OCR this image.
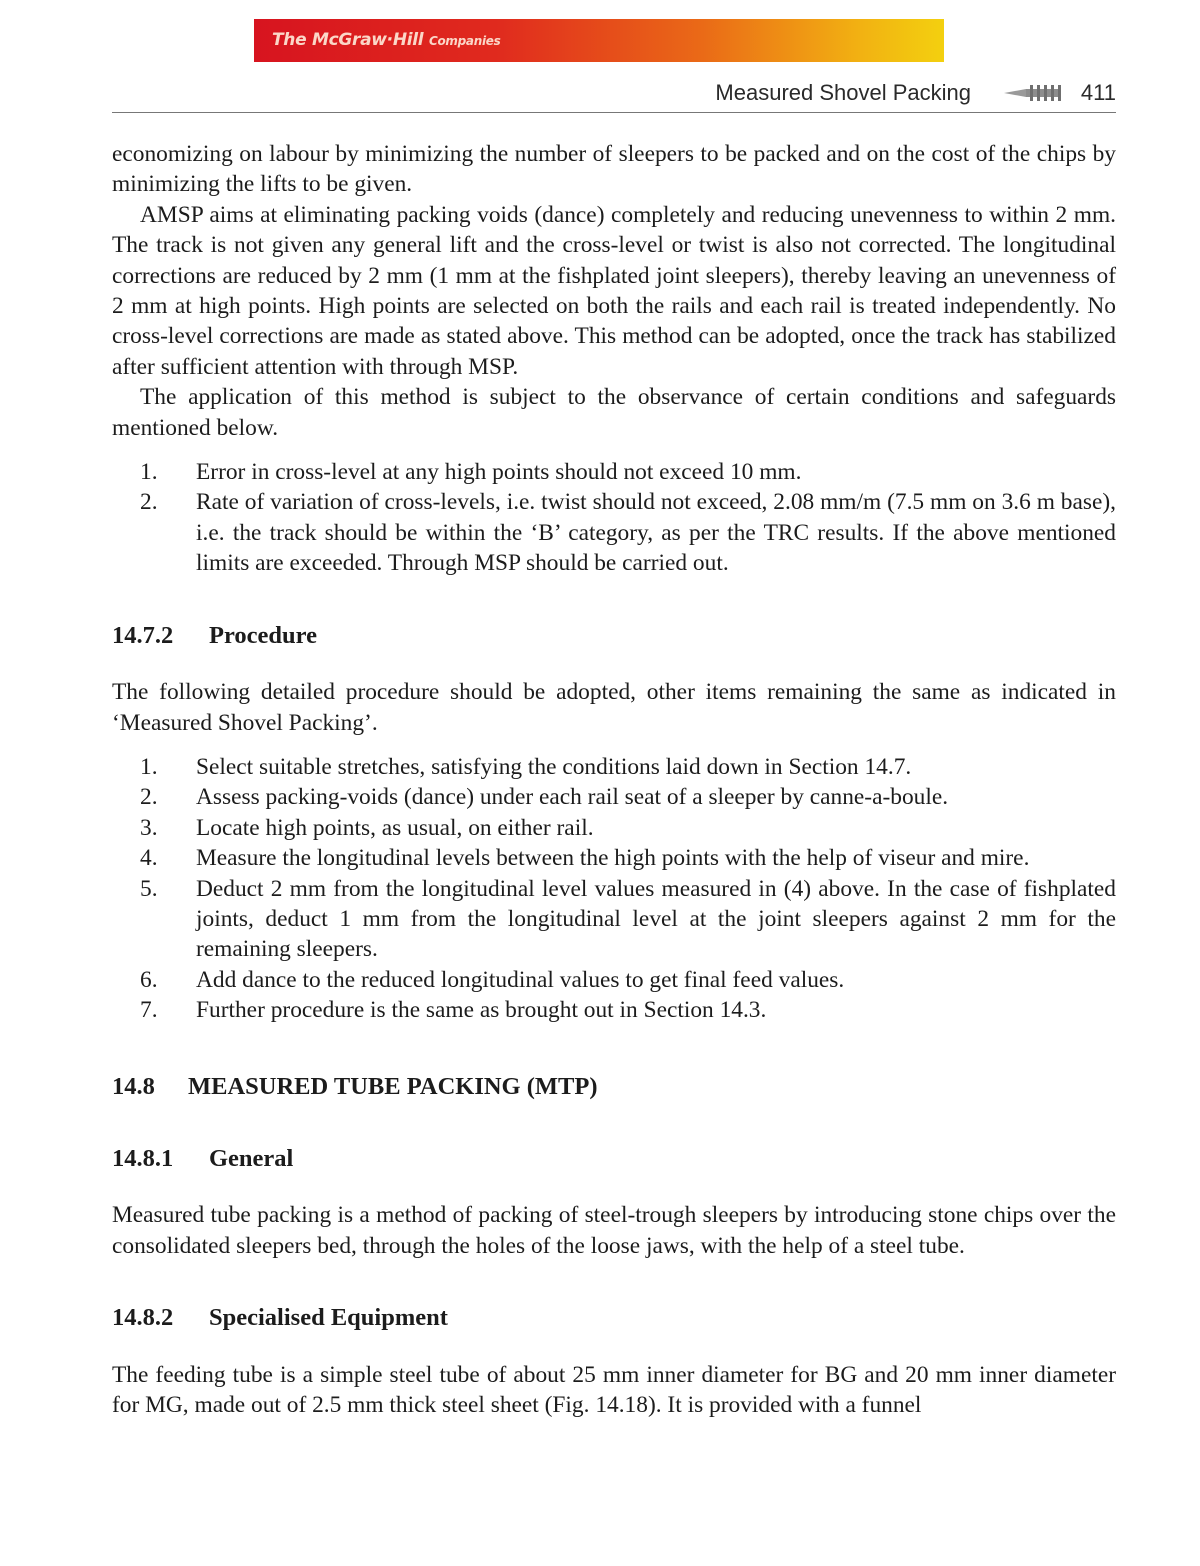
The McGraw·Hill Companies
Measured Shovel Packing	411

economizing on labour by minimizing the number of sleepers to be packed and on the cost of the chips by minimizing the lifts to be given.

AMSP aims at eliminating packing voids (dance) completely and reducing unevenness to within 2 mm. The track is not given any general lift and the cross-level or twist is also not corrected. The longitudinal corrections are reduced by 2 mm (1 mm at the fishplated joint sleepers), thereby leaving an unevenness of 2 mm at high points. High points are selected on both the rails and each rail is treated independently. No cross-level corrections are made as stated above. This method can be adopted, once the track has stabilized after sufficient attention with through MSP.

The application of this method is subject to the observance of certain conditions and safeguards mentioned below.

1. Error in cross-level at any high points should not exceed 10 mm.
2. Rate of variation of cross-levels, i.e. twist should not exceed, 2.08 mm/m (7.5 mm on 3.6 m base), i.e. the track should be within the ‘B’ category, as per the TRC results. If the above mentioned limits are exceeded. Through MSP should be carried out.
14.7.2 Procedure

The following detailed procedure should be adopted, other items remaining the same as indicated in ‘Measured Shovel Packing’.

1. Select suitable stretches, satisfying the conditions laid down in Section 14.7.
2. Assess packing-voids (dance) under each rail seat of a sleeper by canne-a-boule.
3. Locate high points, as usual, on either rail.
4. Measure the longitudinal levels between the high points with the help of viseur and mire.
5. Deduct 2 mm from the longitudinal level values measured in (4) above. In the case of fishplated joints, deduct 1 mm from the longitudinal level at the joint sleepers against 2 mm for the remaining sleepers.
6. Add dance to the reduced longitudinal values to get final feed values.
7. Further procedure is the same as brought out in Section 14.3.
14.8 MEASURED TUBE PACKING (MTP)
14.8.1 General

Measured tube packing is a method of packing of steel-trough sleepers by introducing stone chips over the consolidated sleepers bed, through the holes of the loose jaws, with the help of a steel tube.

14.8.2 Specialised Equipment

The feeding tube is a simple steel tube of about 25 mm inner diameter for BG and 20 mm inner diameter for MG, made out of 2.5 mm thick steel sheet (Fig. 14.18). It is provided with a funnel
